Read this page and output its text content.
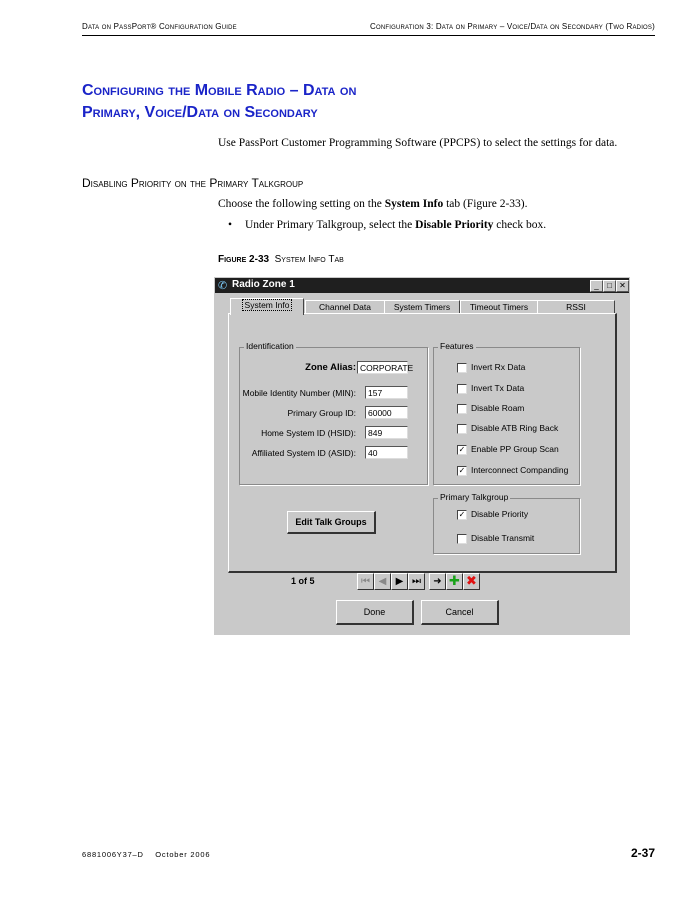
Data on PassPort® Configuration Guide	Configuration 3: Data on Primary – Voice/Data on Secondary (Two Radios)
Configuring the Mobile Radio – Data on
Primary, Voice/Data on Secondary
Use PassPort Customer Programming Software (PPCPS) to select the settings for data.
Disabling Priority on the Primary Talkgroup
Choose the following setting on the System Info tab (Figure 2-33).
• Under Primary Talkgroup, select the Disable Priority check box.
Figure 2-33 System Info Tab
✆ Radio Zone 1	_	□ ✕
System Info	Channel Data	System Timers	Timeout Timers	RSSI
Identification
Zone Alias: CORPORATE
Mobile Identity Number (MIN):	157
Primary Group ID:	60000
Home System ID (HSID):	849
Affiliated System ID (ASID):	40
Features
Invert Rx Data
Invert Tx Data
Disable Roam
Disable ATB Ring Back
✓ Enable PP Group Scan
✓ Interconnect Companding
Primary Talkgroup
✓ Disable Priority
Disable Transmit
Edit Talk Groups
1 of 5	⏮ ◀ ▶ ⏭	➜ ✚ ✖
Done	Cancel
6881006Y37–D    October 2006	2-37
